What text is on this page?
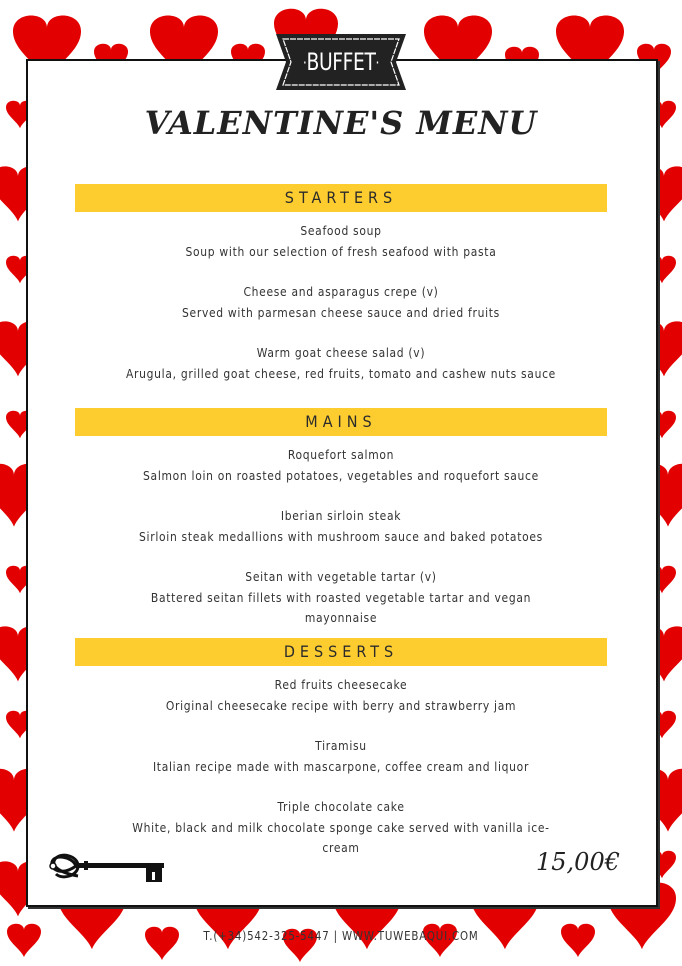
·BUFFET·
VALENTINE'S MENU
STARTERS
Seafood soup
Soup with our selection of fresh seafood with pasta
Cheese and asparagus crepe (v)
Served with parmesan cheese sauce and dried fruits
Warm goat cheese salad (v)
Arugula, grilled goat cheese, red fruits, tomato and cashew nuts sauce
MAINS
Roquefort salmon
Salmon loin on roasted potatoes, vegetables and roquefort sauce
Iberian sirloin steak
Sirloin steak medallions with mushroom sauce and baked potatoes
Seitan with vegetable tartar (v)
Battered seitan fillets with roasted vegetable tartar and vegan mayonnaise
DESSERTS
Red fruits cheesecake
Original cheesecake recipe with berry and strawberry jam
Tiramisu
Italian recipe made with mascarpone, coffee cream and liquor
Triple chocolate cake
White, black and milk chocolate sponge cake served with vanilla ice-cream
15,00€
T.(+34)542-325-5447 | WWW.TUWEBAQUI.COM
